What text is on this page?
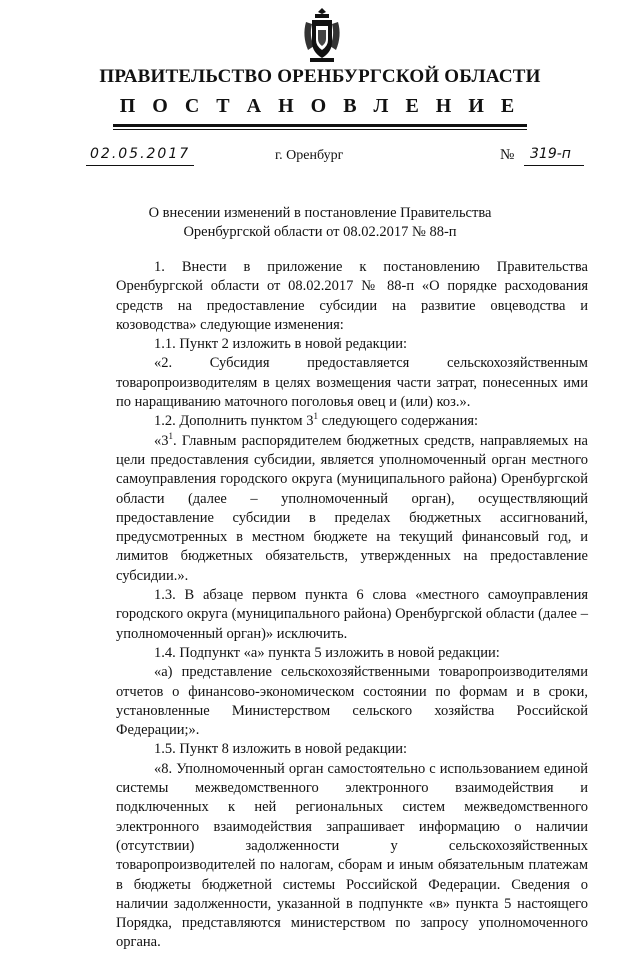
ПРАВИТЕЛЬСТВО ОРЕНБУРГСКОЙ ОБЛАСТИ
П О С Т А Н О В Л Е Н И Е
02.05.2017	г. Оренбург	№ 319-п
О внесении изменений в постановление Правительства
Оренбургской области от 08.02.2017 № 88-п

1. Внести в приложение к постановлению Правительства Оренбургской области от 08.02.2017 № 88-п «О порядке расходования средств на предоставление субсидии на развитие овцеводства и козоводства» следующие изменения:

1.1. Пункт 2 изложить в новой редакции:

«2. Субсидия предоставляется сельскохозяйственным товаропроизводителям в целях возмещения части затрат, понесенных ими по наращиванию маточного поголовья овец и (или) коз.».

1.2. Дополнить пунктом $3^1$ следующего содержания:

«$3^1$. Главным распорядителем бюджетных средств, направляемых на цели предоставления субсидии, является уполномоченный орган местного самоуправления городского округа (муниципального района) Оренбургской области (далее – уполномоченный орган), осуществляющий предоставление субсидии в пределах бюджетных ассигнований, предусмотренных в местном бюджете на текущий финансовый год, и лимитов бюджетных обязательств, утвержденных на предоставление субсидии.».

1.3. В абзаце первом пункта 6 слова «местного самоуправления городского округа (муниципального района) Оренбургской области (далее – уполномоченный орган)» исключить.

1.4. Подпункт «а» пункта 5 изложить в новой редакции:

«а) представление сельскохозяйственными товаропроизводителями отчетов о финансово-экономическом состоянии по формам и в сроки, установленные Министерством сельского хозяйства Российской Федерации;».

1.5. Пункт 8 изложить в новой редакции:

«8. Уполномоченный орган самостоятельно с использованием единой системы межведомственного электронного взаимодействия и подключенных к ней региональных систем межведомственного электронного взаимодействия запрашивает информацию о наличии (отсутствии) задолженности у сельскохозяйственных товаропроизводителей по налогам, сборам и иным обязательным платежам в бюджеты бюджетной системы Российской Федерации. Сведения о наличии задолженности, указанной в подпункте «в» пункта 5 настоящего Порядка, представляются министерством по запросу уполномоченного органа.
